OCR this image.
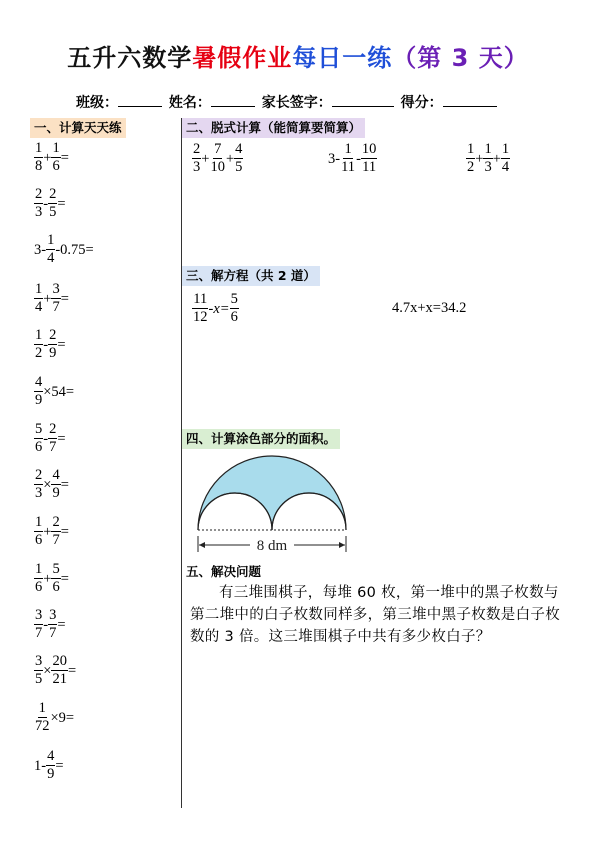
五升六数学暑假作业每日一练（第 3 天）
班级：	姓名：	家长签字：	得分：
一、计算天天练	二、脱式计算（能简算要简算）
三、解方程（共 2 道）
四、计算涂色部分的面积。
五、解决问题
$\frac{1}{8} + \frac{1}{6}$ =
$\frac{2}{3} - \frac{2}{5}$ =
$3- \frac{1}{4} -0.75=$
$\frac{1}{4} + \frac{3}{7}$ =
$\frac{1}{2} - \frac{2}{9}$ =
$\frac{4}{9} \times 54=$
$\frac{5}{6} - \frac{2}{7}$ =
$\frac{2}{3} \times \frac{4}{9}$ =
$\frac{1}{6} + \frac{2}{7}$ =
$\frac{1}{6} + \frac{5}{6}$ =
$\frac{3}{7} - \frac{3}{7}$ =
$\frac{3}{5} \times \frac{20}{21}$ =
$\frac{1}{72} \times 9=$
$1- \frac{4}{9}$ =
$\frac{2}{3} + \frac{7}{10} + \frac{4}{5}$	$3- \frac{1}{11} - \frac{10}{11}$	$\frac{1}{2} + \frac{1}{3} + \frac{1}{4}$
$\frac{11}{12} -x= \frac{5}{6}$	4.7x+x=34.2
8 dm
有三堆围棋子，每堆 60 枚，第一堆中的黑子枚数与第二堆中的白子枚数同样多，第三堆中黑子枚数是白子枚数的 3 倍。这三堆围棋子中共有多少枚白子？
